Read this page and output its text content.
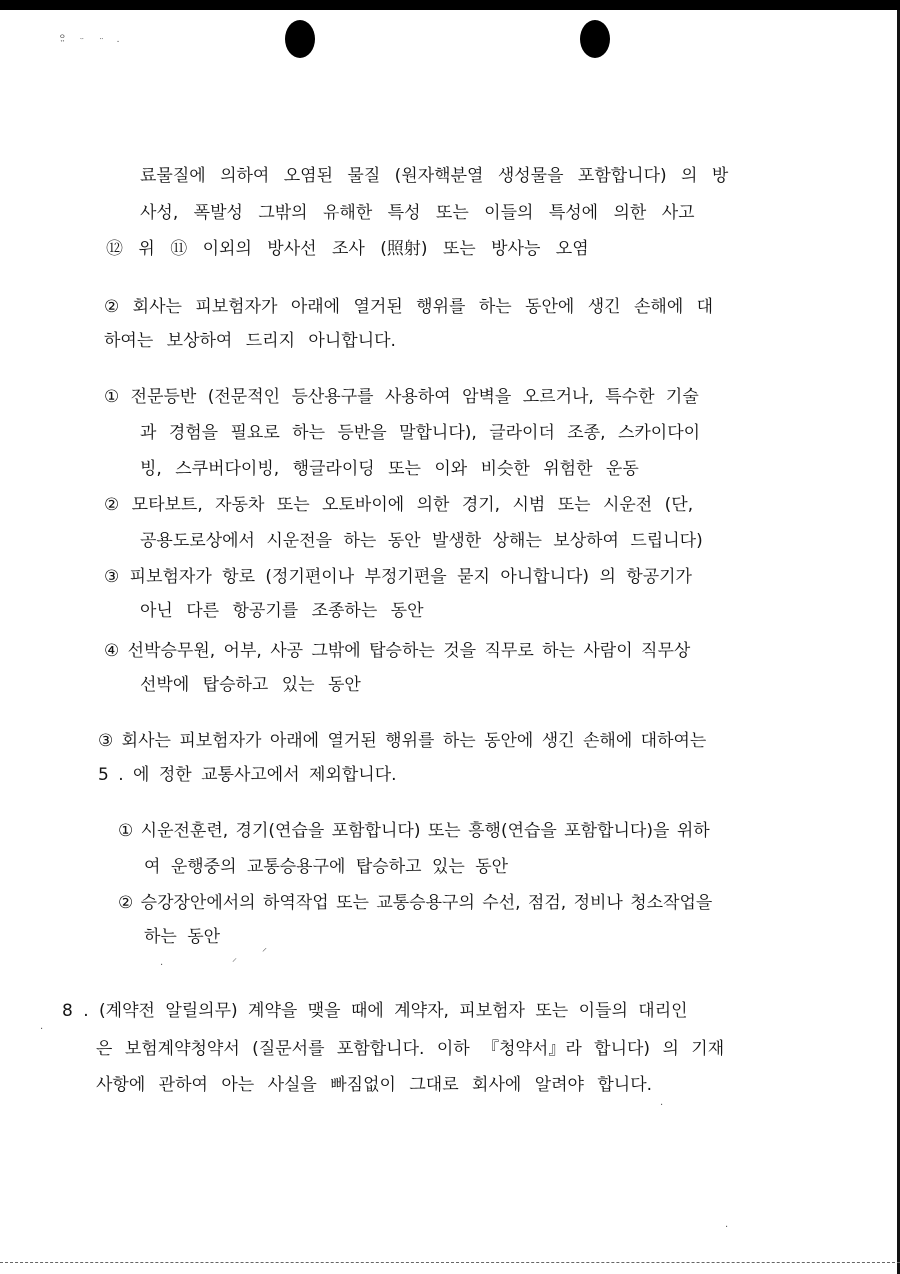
ᄋᆢ ᆢ ᆢ .
료물질에 의하여 오염된 물질 (원자핵분열 생성물을 포함합니다) 의 방
사성, 폭발성 그밖의 유해한 특성 또는 이들의 특성에 의한 사고
⑫ 위 ⑪ 이외의 방사선 조사 (照射) 또는 방사능 오염
② 회사는 피보험자가 아래에 열거된 행위를 하는 동안에 생긴 손해에 대
하여는 보상하여 드리지 아니합니다.
① 전문등반 (전문적인 등산용구를 사용하여 암벽을 오르거나, 특수한 기술
과 경험을 필요로 하는 등반을 말합니다), 글라이더 조종, 스카이다이
빙, 스쿠버다이빙, 행글라이딩 또는 이와 비슷한 위험한 운동
② 모타보트, 자동차 또는 오토바이에 의한 경기, 시범 또는 시운전 (단,
공용도로상에서 시운전을 하는 동안 발생한 상해는 보상하여 드립니다)
③ 피보험자가 항로 (정기편이나 부정기편을 묻지 아니합니다) 의 항공기가
아닌 다른 항공기를 조종하는 동안
④ 선박승무원, 어부, 사공 그밖에 탑승하는 것을 직무로 하는 사람이 직무상
선박에 탑승하고 있는 동안
③ 회사는 피보험자가 아래에 열거된 행위를 하는 동안에 생긴 손해에 대하여는
5 . 에 정한 교통사고에서 제외합니다.
① 시운전훈련, 경기(연습을 포함합니다) 또는 흥행(연습을 포함합니다)을 위하
여 운행중의 교통승용구에 탑승하고 있는 동안
② 승강장안에서의 하역작업 또는 교통승용구의 수선, 점검, 정비나 청소작업을
하는 동안
8 . (계약전 알릴의무) 계약을 맺을 때에 계약자, 피보험자 또는 이들의 대리인
은 보험계약청약서 (질문서를 포함합니다. 이하 『청약서』라 합니다) 의 기재
사항에 관하여 아는 사실을 빠짐없이 그대로 회사에 알려야 합니다.
⸝
⸍
·
·
·
·
